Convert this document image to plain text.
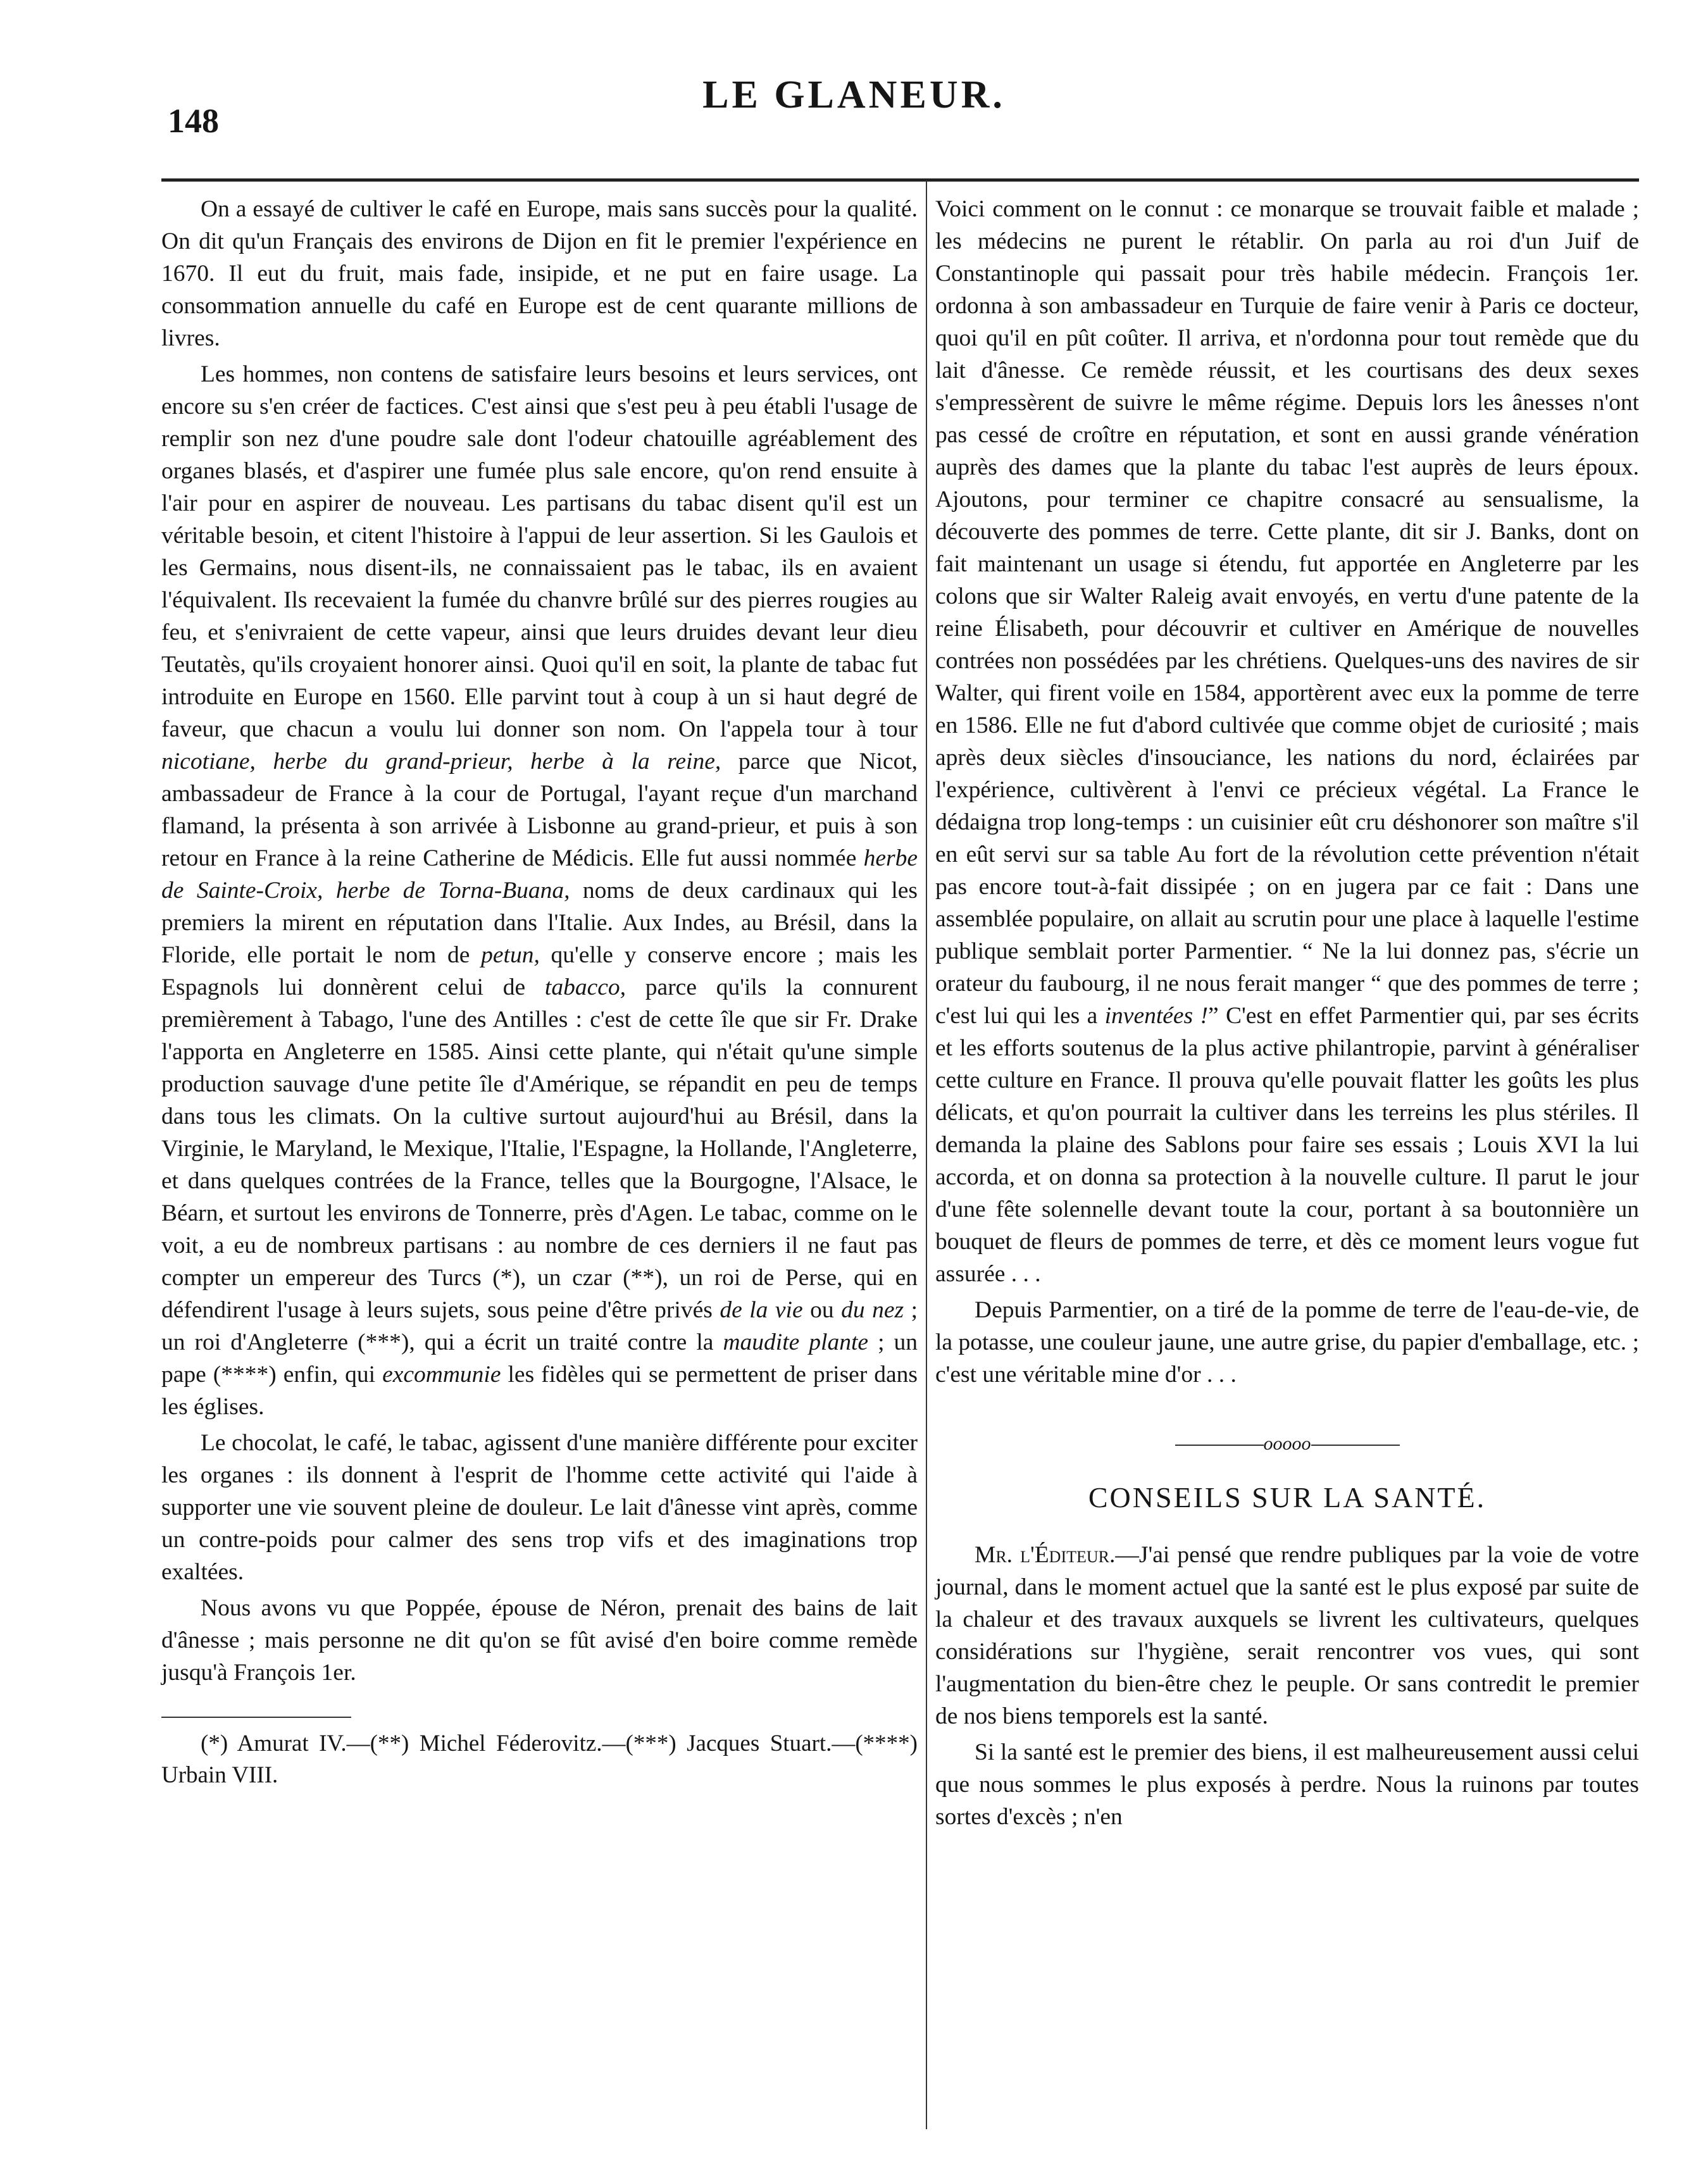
148
LE GLANEUR.

On a essayé de cultiver le café en Europe, mais sans succès pour la qualité. On dit qu'un Français des environs de Dijon en fit le premier l'expérience en 1670. Il eut du fruit, mais fade, insipide, et ne put en faire usage. La consommation annuelle du café en Europe est de cent quarante millions de livres.

Les hommes, non contens de satisfaire leurs besoins et leurs services, ont encore su s'en créer de factices. C'est ainsi que s'est peu à peu établi l'usage de remplir son nez d'une poudre sale dont l'odeur chatouille agréablement des organes blasés, et d'aspirer une fumée plus sale encore, qu'on rend ensuite à l'air pour en aspirer de nouveau. Les partisans du tabac disent qu'il est un véritable besoin, et citent l'histoire à l'appui de leur assertion. Si les Gaulois et les Germains, nous disent-ils, ne connaissaient pas le tabac, ils en avaient l'équivalent. Ils recevaient la fumée du chanvre brûlé sur des pierres rougies au feu, et s'enivraient de cette vapeur, ainsi que leurs druides devant leur dieu Teutatès, qu'ils croyaient honorer ainsi. Quoi qu'il en soit, la plante de tabac fut introduite en Europe en 1560. Elle parvint tout à coup à un si haut degré de faveur, que chacun a voulu lui donner son nom. On l'appela tour à tour nicotiane, herbe du grand-prieur, herbe à la reine, parce que Nicot, ambassadeur de France à la cour de Portugal, l'ayant reçue d'un marchand flamand, la présenta à son arrivée à Lisbonne au grand-prieur, et puis à son retour en France à la reine Catherine de Médicis. Elle fut aussi nommée herbe de Sainte-Croix, herbe de Torna-Buana, noms de deux cardinaux qui les premiers la mirent en réputation dans l'Italie. Aux Indes, au Brésil, dans la Floride, elle portait le nom de petun, qu'elle y conserve encore ; mais les Espagnols lui donnèrent celui de tabacco, parce qu'ils la connurent premièrement à Tabago, l'une des Antilles : c'est de cette île que sir Fr. Drake l'apporta en Angleterre en 1585. Ainsi cette plante, qui n'était qu'une simple production sauvage d'une petite île d'Amérique, se répandit en peu de temps dans tous les climats. On la cultive surtout aujourd'hui au Brésil, dans la Virginie, le Maryland, le Mexique, l'Italie, l'Espagne, la Hollande, l'Angleterre, et dans quelques contrées de la France, telles que la Bourgogne, l'Alsace, le Béarn, et surtout les environs de Tonnerre, près d'Agen. Le tabac, comme on le voit, a eu de nombreux partisans : au nombre de ces derniers il ne faut pas compter un empereur des Turcs (*), un czar (**), un roi de Perse, qui en défendirent l'usage à leurs sujets, sous peine d'être privés de la vie ou du nez ; un roi d'Angleterre (***), qui a écrit un traité contre la maudite plante ; un pape (****) enfin, qui excommunie les fidèles qui se permettent de priser dans les églises.

Le chocolat, le café, le tabac, agissent d'une manière différente pour exciter les organes : ils donnent à l'esprit de l'homme cette activité qui l'aide à supporter une vie souvent pleine de douleur. Le lait d'ânesse vint après, comme un contre-poids pour calmer des sens trop vifs et des imaginations trop exaltées.

Nous avons vu que Poppée, épouse de Néron, prenait des bains de lait d'ânesse ; mais personne ne dit qu'on se fût avisé d'en boire comme remède jusqu'à François 1er.

(*) Amurat IV.—(**) Michel Féderovitz.—(***) Jacques Stuart.—(****) Urbain VIII.

Voici comment on le connut : ce monarque se trouvait faible et malade ; les médecins ne purent le rétablir. On parla au roi d'un Juif de Constantinople qui passait pour très habile médecin. François 1er. ordonna à son ambassadeur en Turquie de faire venir à Paris ce docteur, quoi qu'il en pût coûter. Il arriva, et n'ordonna pour tout remède que du lait d'ânesse. Ce remède réussit, et les courtisans des deux sexes s'empressèrent de suivre le même régime. Depuis lors les ânesses n'ont pas cessé de croître en réputation, et sont en aussi grande vénération auprès des dames que la plante du tabac l'est auprès de leurs époux. Ajoutons, pour terminer ce chapitre consacré au sensualisme, la découverte des pommes de terre. Cette plante, dit sir J. Banks, dont on fait maintenant un usage si étendu, fut apportée en Angleterre par les colons que sir Walter Raleig avait envoyés, en vertu d'une patente de la reine Élisabeth, pour découvrir et cultiver en Amérique de nouvelles contrées non possédées par les chrétiens. Quelques-uns des navires de sir Walter, qui firent voile en 1584, apportèrent avec eux la pomme de terre en 1586. Elle ne fut d'abord cultivée que comme objet de curiosité ; mais après deux siècles d'insouciance, les nations du nord, éclairées par l'expérience, cultivèrent à l'envi ce précieux végétal. La France le dédaigna trop long-temps : un cuisinier eût cru déshonorer son maître s'il en eût servi sur sa table Au fort de la révolution cette prévention n'était pas encore tout-à-fait dissipée ; on en jugera par ce fait : Dans une assemblée populaire, on allait au scrutin pour une place à laquelle l'estime publique semblait porter Parmentier. “ Ne la lui donnez pas, s'écrie un orateur du faubourg, il ne nous ferait manger “ que des pommes de terre ; c'est lui qui les a inventées !” C'est en effet Parmentier qui, par ses écrits et les efforts soutenus de la plus active philantropie, parvint à généraliser cette culture en France. Il prouva qu'elle pouvait flatter les goûts les plus délicats, et qu'on pourrait la cultiver dans les terreins les plus stériles. Il demanda la plaine des Sablons pour faire ses essais ; Louis XVI la lui accorda, et on donna sa protection à la nouvelle culture. Il parut le jour d'une fête solennelle devant toute la cour, portant à sa boutonnière un bouquet de fleurs de pommes de terre, et dès ce moment leurs vogue fut assurée . . .

Depuis Parmentier, on a tiré de la pomme de terre de l'eau-de-vie, de la potasse, une couleur jaune, une autre grise, du papier d'emballage, etc. ; c'est une véritable mine d'or . . .

ooooo
CONSEILS SUR LA SANTÉ.

Mr. l'Éditeur.—J'ai pensé que rendre publiques par la voie de votre journal, dans le moment actuel que la santé est le plus exposé par suite de la chaleur et des travaux auxquels se livrent les cultivateurs, quelques considérations sur l'hygiène, serait rencontrer vos vues, qui sont l'augmentation du bien-être chez le peuple. Or sans contredit le premier de nos biens temporels est la santé.

Si la santé est le premier des biens, il est malheureusement aussi celui que nous sommes le plus exposés à perdre. Nous la ruinons par toutes sortes d'excès ; n'en
